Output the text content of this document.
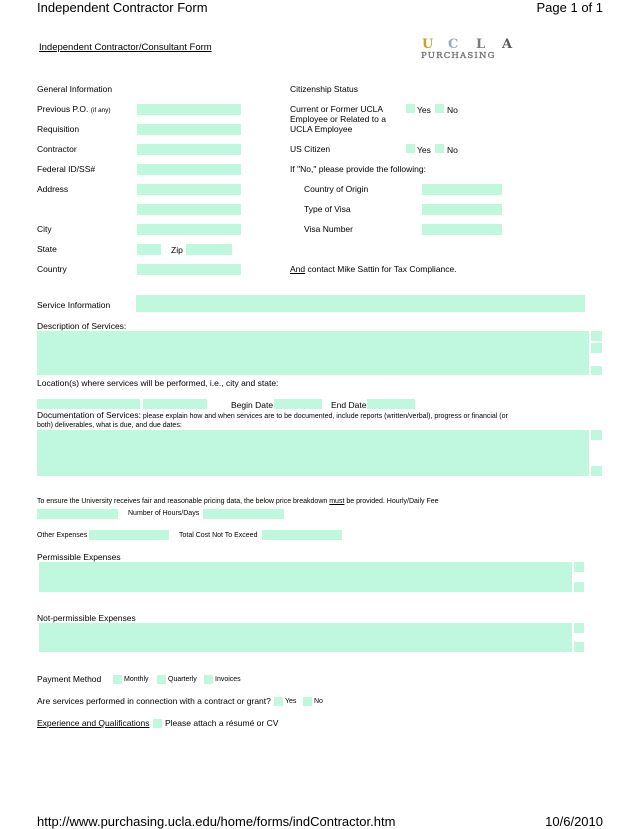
Independent Contractor Form	Page 1 of 1
Independent Contractor/Consultant Form	U C L A
PURCHASING
General Information
Previous P.O. (if any)
Requisition
Contractor
Federal ID/SS#
Address
City
State	Zip
Country
Citizenship Status
Current or Former UCLA Employee or Related to a UCLA Employee
Yes No
US Citizen	Yes No
If "No," please provide the following:
Country of Origin
Type of Visa
Visa Number
And contact Mike Sattin for Tax Compliance.
Service Information
Description of Services:
Location(s) where services will be performed, i.e., city and state:
Begin Date	End Date
Documentation of Services: please explain how and when services are to be documented, include reports (written/verbal), progress or financial (or
both) deliverables, what is due, and due dates:
To ensure the University receives fair and reasonable pricing data, the below price breakdown must be provided. Hourly/Daily Fee
Number of Hours/Days
Other Expenses	Total Cost Not To Exceed
Permissible Expenses
Not-permissible Expenses
Payment Method	Monthly	Quarterly	Invoices
Are services performed in connection with a contract or grant? Yes	No
Experience and Qualifications Please attach a résumé or CV
http://www.purchasing.ucla.edu/home/forms/indContractor.htm	10/6/2010
